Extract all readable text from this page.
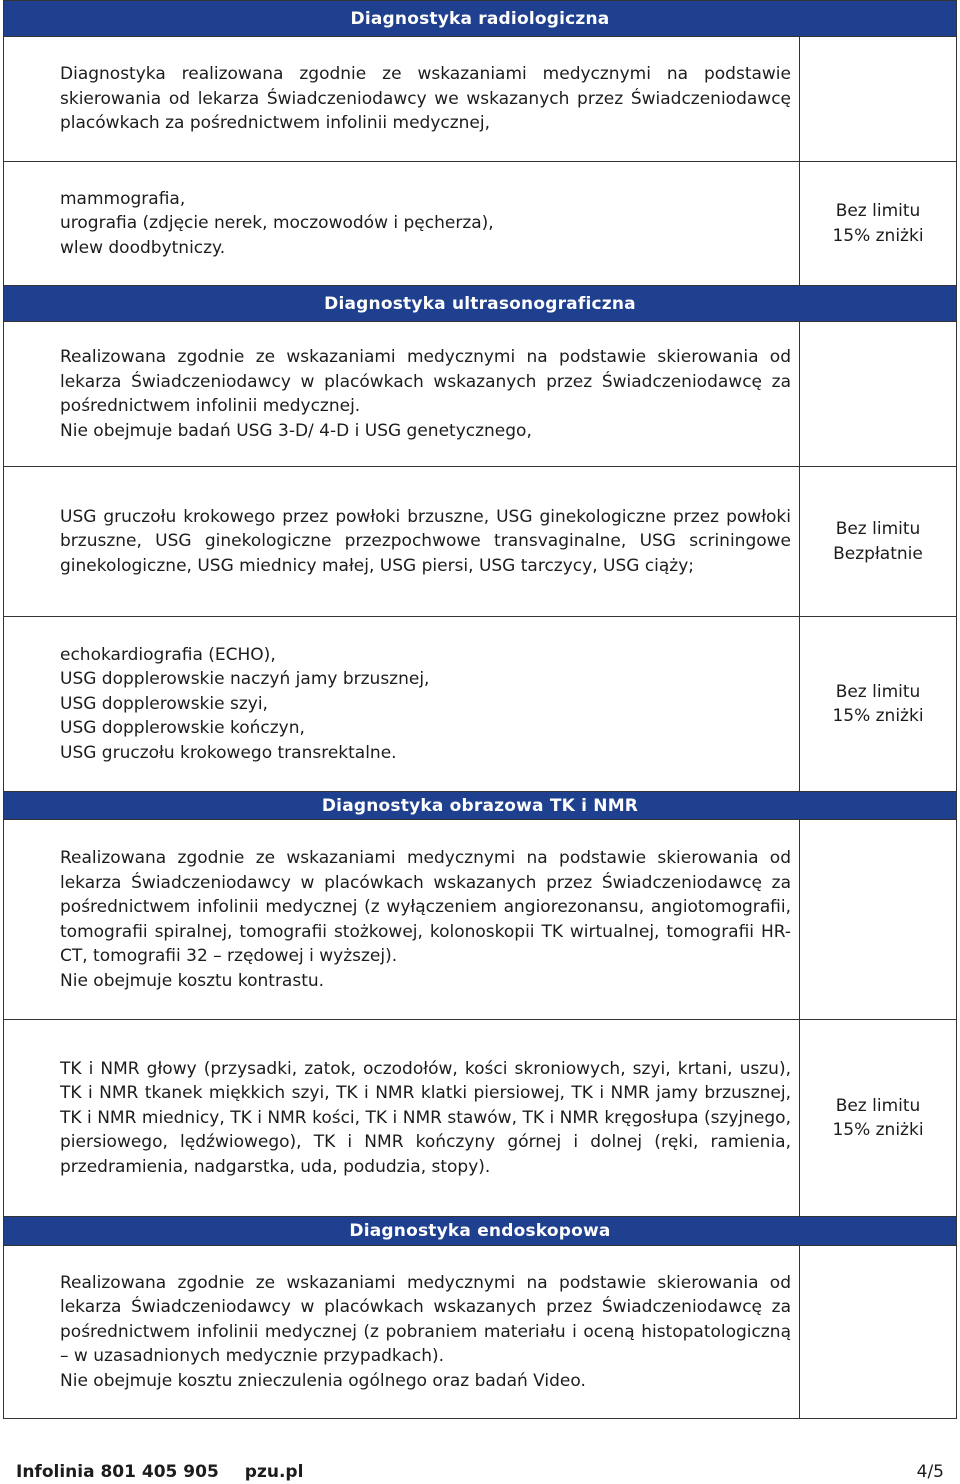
Diagnostyka radiologiczna	

Diagnostyka realizowana zgodnie ze wskazaniami medycznymi na podstawie skierowania od lekarza Świadczeniodawcy we wskazanych przez Świadczeniodawcę placówkach za pośrednictwem infolinii medycznej,	

mammografia,
urografia (zdjęcie nerek, moczowodów i pęcherza),
wlew doodbytniczy.	Bez limitu
15% zniżki

Diagnostyka ultrasonograficzna	

Realizowana zgodnie ze wskazaniami medycznymi na podstawie skierowania od lekarza Świadczeniodawcy w placówkach wskazanych przez Świadczeniodawcę za pośrednictwem infolinii medycznej.
Nie obejmuje badań USG 3-D/ 4-D i USG genetycznego,	

USG gruczołu krokowego przez powłoki brzuszne, USG ginekologiczne przez powłoki brzuszne, USG ginekologiczne przezpochwowe transvaginalne, USG scriningowe ginekologiczne, USG miednicy małej, USG piersi, USG tarczycy, USG ciąży;	Bez limitu
Bezpłatnie

echokardiografia (ECHO),
USG dopplerowskie naczyń jamy brzusznej,
USG dopplerowskie szyi,
USG dopplerowskie kończyn,
USG gruczołu krokowego transrektalne.	Bez limitu
15% zniżki

Diagnostyka obrazowa TK i NMR	

Realizowana zgodnie ze wskazaniami medycznymi na podstawie skierowania od lekarza Świadczeniodawcy w placówkach wskazanych przez Świadczeniodawcę za pośrednictwem infolinii medycznej (z wyłączeniem angiorezonansu, angiotomografii, tomografii spiralnej, tomografii stożkowej, kolonoskopii TK wirtualnej, tomografii HR-CT, tomografii 32 – rzędowej i wyższej).
Nie obejmuje kosztu kontrastu.	

TK i NMR głowy (przysadki, zatok, oczodołów, kości skroniowych, szyi, krtani, uszu), TK i NMR tkanek miękkich szyi, TK i NMR klatki piersiowej, TK i NMR jamy brzusznej, TK i NMR miednicy, TK i NMR kości, TK i NMR stawów, TK i NMR kręgosłupa (szyjnego, piersiowego, lędźwiowego), TK i NMR kończyny górnej i dolnej (ręki, ramienia, przedramienia, nadgarstka, uda, podudzia, stopy).	Bez limitu
15% zniżki

Diagnostyka endoskopowa	

Realizowana zgodnie ze wskazaniami medycznymi na podstawie skierowania od lekarza Świadczeniodawcy w placówkach wskazanych przez Świadczeniodawcę za pośrednictwem infolinii medycznej (z pobraniem materiału i oceną histopatologiczną – w uzasadnionych medycznie przypadkach).
Nie obejmuje kosztu znieczulenia ogólnego oraz badań Video.	

Infolinia 801 405 905 pzu.pl	4/5
